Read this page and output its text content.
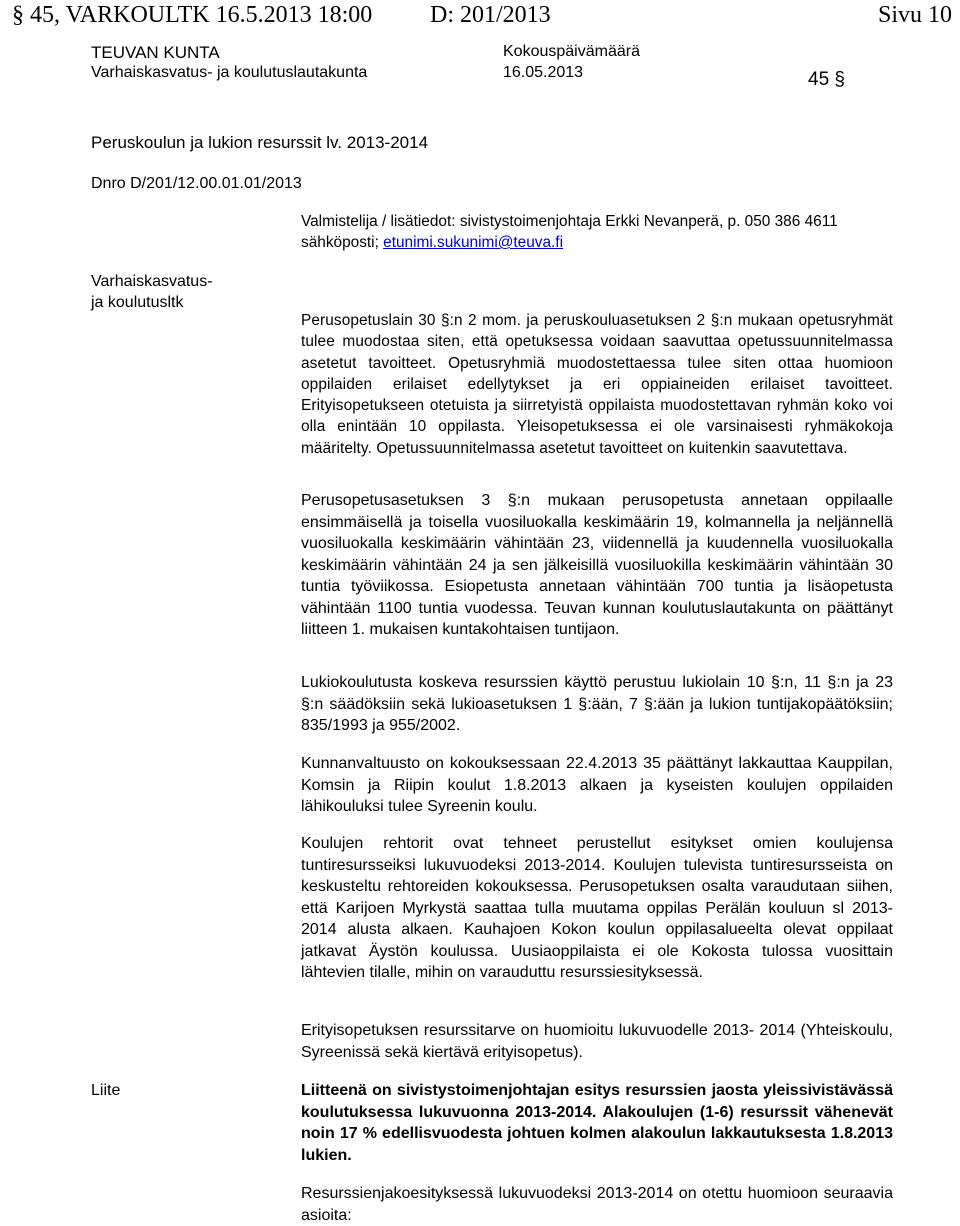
§ 45, VARKOULTK 16.5.2013 18:00 D: 201/2013	Sivu 10
TEUVAN KUNTA
Varhaiskasvatus- ja koulutuslautakunta
Kokouspäivämäärä
16.05.2013	45 §
Peruskoulun ja lukion resurssit lv. 2013-2014
Dnro D/201/12.00.01.01/2013
Valmistelija / lisätiedot: sivistystoimenjohtaja Erkki Nevanperä, p. 050 386 4611
sähköposti; etunimi.sukunimi@teuva.fi
Varhaiskasvatus-
ja koulutusltk
Perusopetuslain 30 §:n 2 mom. ja peruskouluasetuksen 2 §:n mukaan opetusryhmät tulee muodostaa siten, että opetuksessa voidaan saavuttaa opetussuunnitelmassa asetetut tavoitteet. Opetusryhmiä muodostettaessa tulee siten ottaa huomioon oppilaiden erilaiset edellytykset ja eri oppiaineiden erilaiset tavoitteet. Erityisopetukseen otetuista ja siirretyistä oppilaista muodostettavan ryhmän koko voi olla enintään 10 oppilasta. Yleisopetuksessa ei ole varsinaisesti ryhmäkokoja määritelty. Opetussuunnitelmassa asetetut tavoitteet on kuitenkin saavutettava.
Perusopetusasetuksen 3 §:n mukaan perusopetusta annetaan oppilaalle ensimmäisellä ja toisella vuosiluokalla keskimäärin 19, kolmannella ja neljännellä vuosiluokalla keskimäärin vähintään 23, viidennellä ja kuudennella vuosiluokalla keskimäärin vähintään 24 ja sen jälkeisillä vuosiluokilla keskimäärin vähintään 30 tuntia työviikossa. Esiopetusta annetaan vähintään 700 tuntia ja lisäopetusta vähintään 1100 tuntia vuodessa. Teuvan kunnan koulutuslautakunta on päättänyt liitteen 1. mukaisen kuntakohtaisen tuntijaon.
Lukiokoulutusta koskeva resurssien käyttö perustuu lukiolain 10 §:n, 11 §:n ja 23 §:n säädöksiin sekä lukioasetuksen 1 §:ään, 7 §:ään ja lukion tuntijakopäätöksiin; 835/1993 ja 955/2002.
Kunnanvaltuusto on kokouksessaan 22.4.2013 35 päättänyt lakkauttaa Kauppilan, Komsin ja Riipin koulut 1.8.2013 alkaen ja kyseisten koulujen oppilaiden lähikouluksi tulee Syreenin koulu.
Koulujen rehtorit ovat tehneet perustellut esitykset omien koulujensa tuntiresursseiksi lukuvuodeksi 2013-2014. Koulujen tulevista tuntiresursseista on keskusteltu rehtoreiden kokouksessa. Perusopetuksen osalta varaudutaan siihen, että Karijoen Myrkystä saattaa tulla muutama oppilas Perälän kouluun sl 2013-2014 alusta alkaen. Kauhajoen Kokon koulun oppilasalueelta olevat oppilaat jatkavat Äystön koulussa. Uusiaoppilaista ei ole Kokosta tulossa vuosittain lähtevien tilalle, mihin on varauduttu resurssiesityksessä.
Erityisopetuksen resurssitarve on huomioitu lukuvuodelle 2013- 2014 (Yhteiskoulu, Syreenissä sekä kiertävä erityisopetus).
Liite	Liitteenä on sivistystoimenjohtajan esitys resurssien jaosta yleissivistävässä koulutuksessa lukuvuonna 2013-2014. Alakoulujen (1-6) resurssit vähenevät noin 17 % edellisvuodesta johtuen kolmen alakoulun lakkautuksesta 1.8.2013 lukien.
Resurssienjakoesityksessä lukuvuodeksi 2013-2014 on otettu huomioon seuraavia asioita:
